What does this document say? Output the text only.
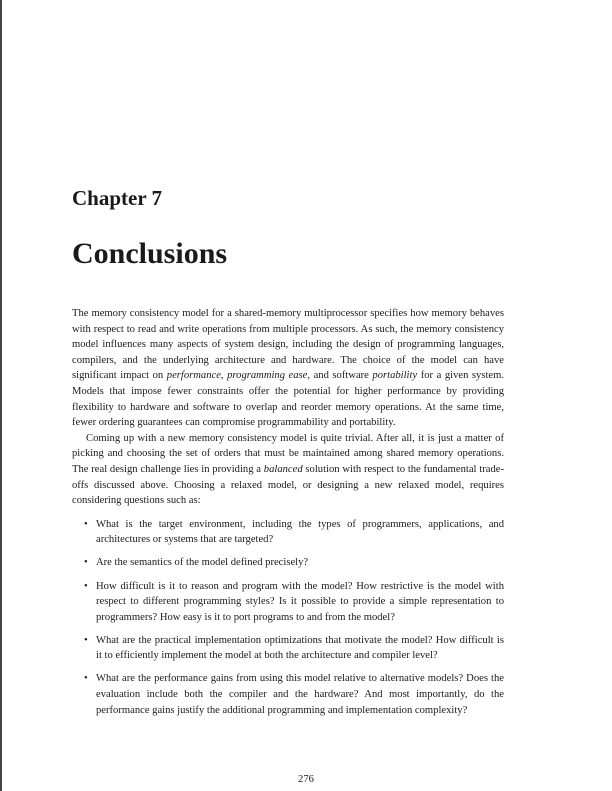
Chapter 7
Conclusions

The memory consistency model for a shared-memory multiprocessor specifies how memory behaves with respect to read and write operations from multiple processors. As such, the memory consistency model influences many aspects of system design, including the design of programming languages, compilers, and the underlying architecture and hardware. The choice of the model can have significant impact on performance, programming ease, and software portability for a given system. Models that impose fewer constraints offer the potential for higher performance by providing flexibility to hardware and software to overlap and reorder memory operations. At the same time, fewer ordering guarantees can compromise programmability and portability.

Coming up with a new memory consistency model is quite trivial. After all, it is just a matter of picking and choosing the set of orders that must be maintained among shared memory operations. The real design challenge lies in providing a balanced solution with respect to the fundamental trade-offs discussed above. Choosing a relaxed model, or designing a new relaxed model, requires considering questions such as:

• What is the target environment, including the types of programmers, applications, and architectures or systems that are targeted?
• Are the semantics of the model defined precisely?
• How difficult is it to reason and program with the model? How restrictive is the model with respect to different programming styles? Is it possible to provide a simple representation to programmers? How easy is it to port programs to and from the model?
• What are the practical implementation optimizations that motivate the model? How difficult is it to efficiently implement the model at both the architecture and compiler level?
• What are the performance gains from using this model relative to alternative models? Does the evaluation include both the compiler and the hardware? And most importantly, do the performance gains justify the additional programming and implementation complexity?
276
